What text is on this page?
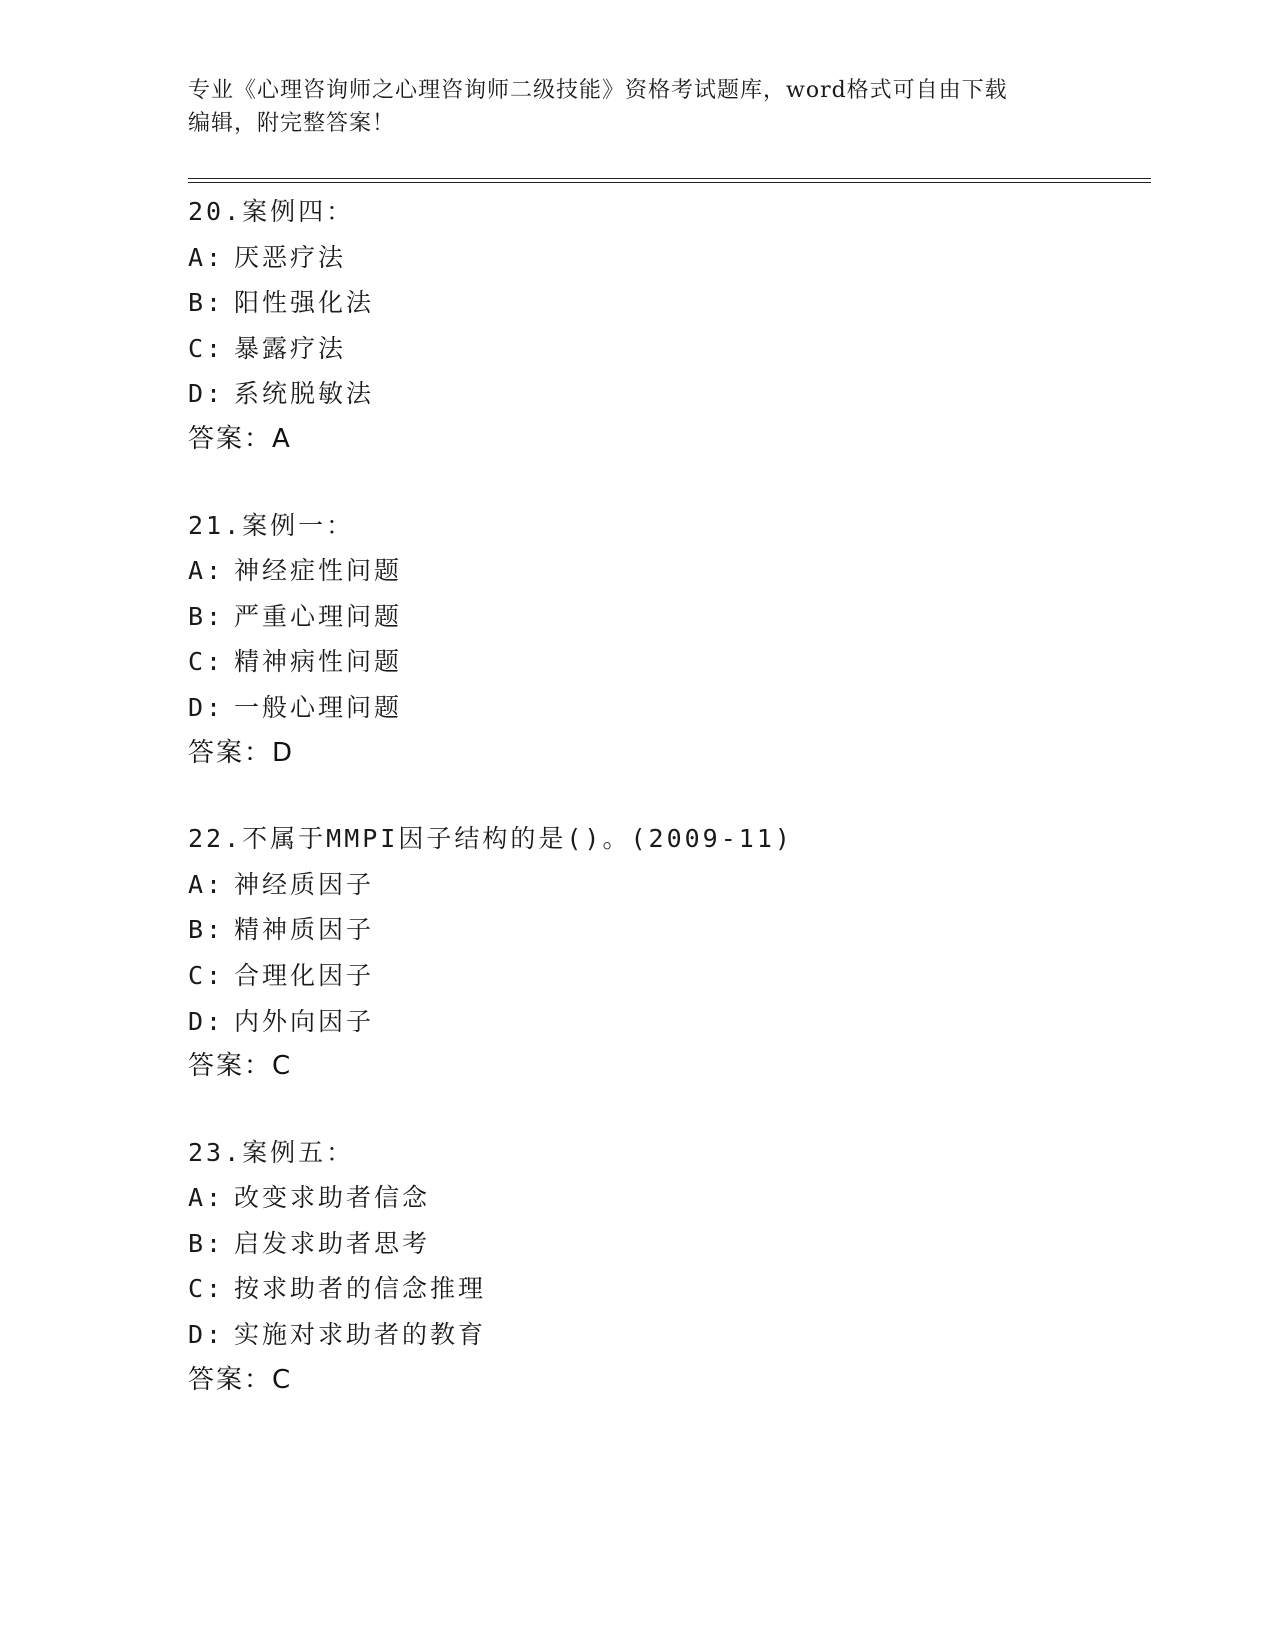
专业《心理咨询师之心理咨询师二级技能》资格考试题库，word格式可自由下载
编辑，附完整答案！
20.案例四：
A: 厌恶疗法
B: 阳性强化法
C: 暴露疗法
D: 系统脱敏法
答案：A
21.案例一：
A: 神经症性问题
B: 严重心理问题
C: 精神病性问题
D: 一般心理问题
答案：D
22.不属于MMPI因子结构的是()。(2009-11)
A: 神经质因子
B: 精神质因子
C: 合理化因子
D: 内外向因子
答案：C
23.案例五：
A: 改变求助者信念
B: 启发求助者思考
C: 按求助者的信念推理
D: 实施对求助者的教育
答案：C
